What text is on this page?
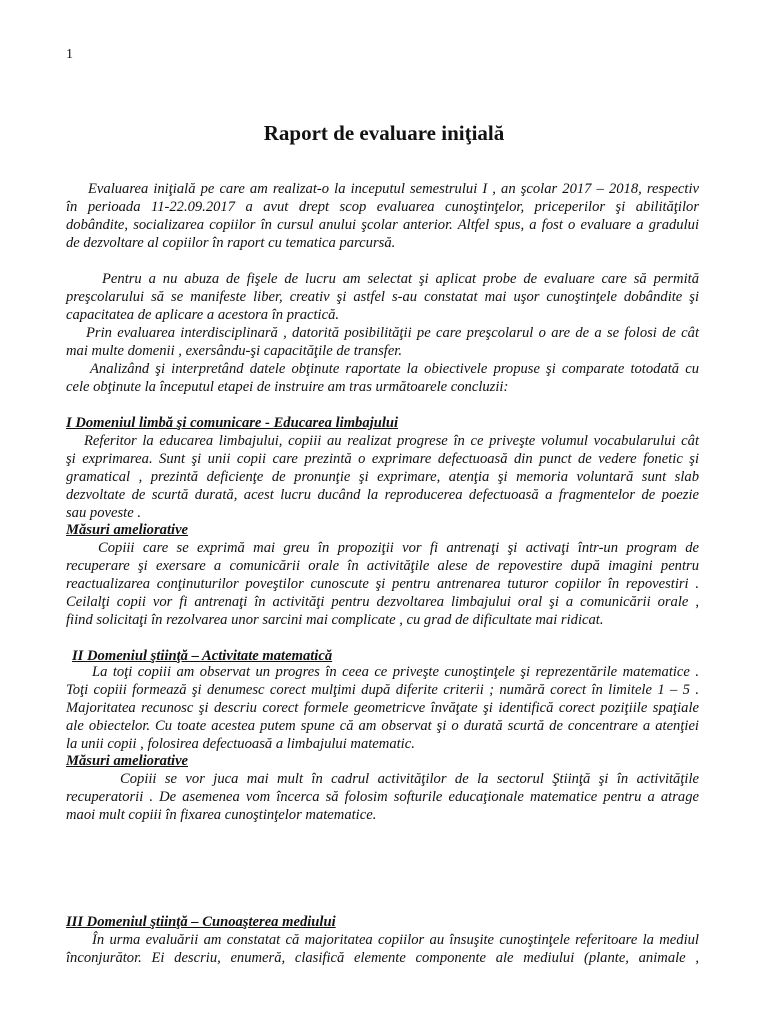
1
Raport de evaluare iniţială
Evaluarea iniţială pe care am realizat-o la inceputul semestrului I , an şcolar 2017 – 2018, respectiv
în perioada 11-22.09.2017 a avut drept scop evaluarea cunoştinţelor, priceperilor şi abilităţilor
dobândite, socializarea copiilor în cursul anului şcolar anterior. Altfel spus, a fost o evaluare a gradului
de dezvoltare al copiilor în raport cu tematica parcursă.
Pentru a nu abuza de fişele de lucru am selectat şi aplicat probe de evaluare care să permită
preşcolarului să se manifeste liber, creativ şi astfel s-au constatat mai uşor cunoştinţele dobândite şi
capacitatea de aplicare a acestora în practică.
Prin evaluarea interdisciplinară , datorită posibilităţii pe care preşcolarul o are de a se folosi de cât
mai multe domenii , exersându-şi capacităţile de transfer.
Analizând şi interpretând datele obţinute raportate la obiectivele propuse şi comparate totodată cu
cele obţinute la începutul etapei de instruire am tras următoarele concluzii:
I Domeniul limbă şi comunicare - Educarea limbajului
Referitor la educarea limbajului, copiii au realizat progrese în ce priveşte volumul vocabularului cât
şi exprimarea. Sunt şi unii copii care prezintă o exprimare defectuoasă din punct de vedere fonetic şi
gramatical , prezintă deficienţe de pronunţie şi exprimare, atenţia şi memoria voluntară sunt slab
dezvoltate de scurtă durată, acest lucru ducând la reproducerea defectuoasă a fragmentelor de poezie
sau poveste .
Măsuri ameliorative
Copiii care se exprimă mai greu în propoziţii vor fi antrenaţi şi activaţi într-un program de
recuperare şi exersare a comunicării orale în activităţile alese de repovestire după imagini pentru
reactualizarea conţinuturilor poveştilor cunoscute şi pentru antrenarea tuturor copiilor în repovestiri .
Ceilalţi copii vor fi antrenaţi în activităţi pentru dezvoltarea limbajului oral şi a comunicării orale ,
fiind solicitaţi în rezolvarea unor sarcini mai complicate , cu grad de dificultate mai ridicat.
II Domeniul ştiinţă – Activitate matematică
La toţi copiii am observat un progres în ceea ce priveşte cunoştinţele şi reprezentările matematice .
Toţi copiii formează şi denumesc corect mulţimi după diferite criterii ; numără corect în limitele 1 – 5 .
Majoritatea recunosc şi descriu corect formele geometricve învăţate şi identifică corect poziţiile spaţiale
ale obiectelor. Cu toate acestea putem spune că am observat şi o durată scurtă de concentrare a atenţiei
la unii copii , folosirea defectuoasă a limbajului matematic.
Măsuri ameliorative
Copiii se vor juca mai mult în cadrul activităţilor de la sectorul Ştiinţă şi în activităţile
recuperatorii . De asemenea vom încerca să folosim softurile educaţionale matematice pentru a atrage
maoi mult copiii în fixarea cunoştinţelor matematice.
III Domeniul ştiinţă – Cunoaşterea mediului
În urma evaluării am constatat că majoritatea copiilor au însuşite cunoştinţele referitoare la mediul
înconjurător. Ei descriu, enumeră, clasifică elemente componente ale mediului (plante, animale ,
